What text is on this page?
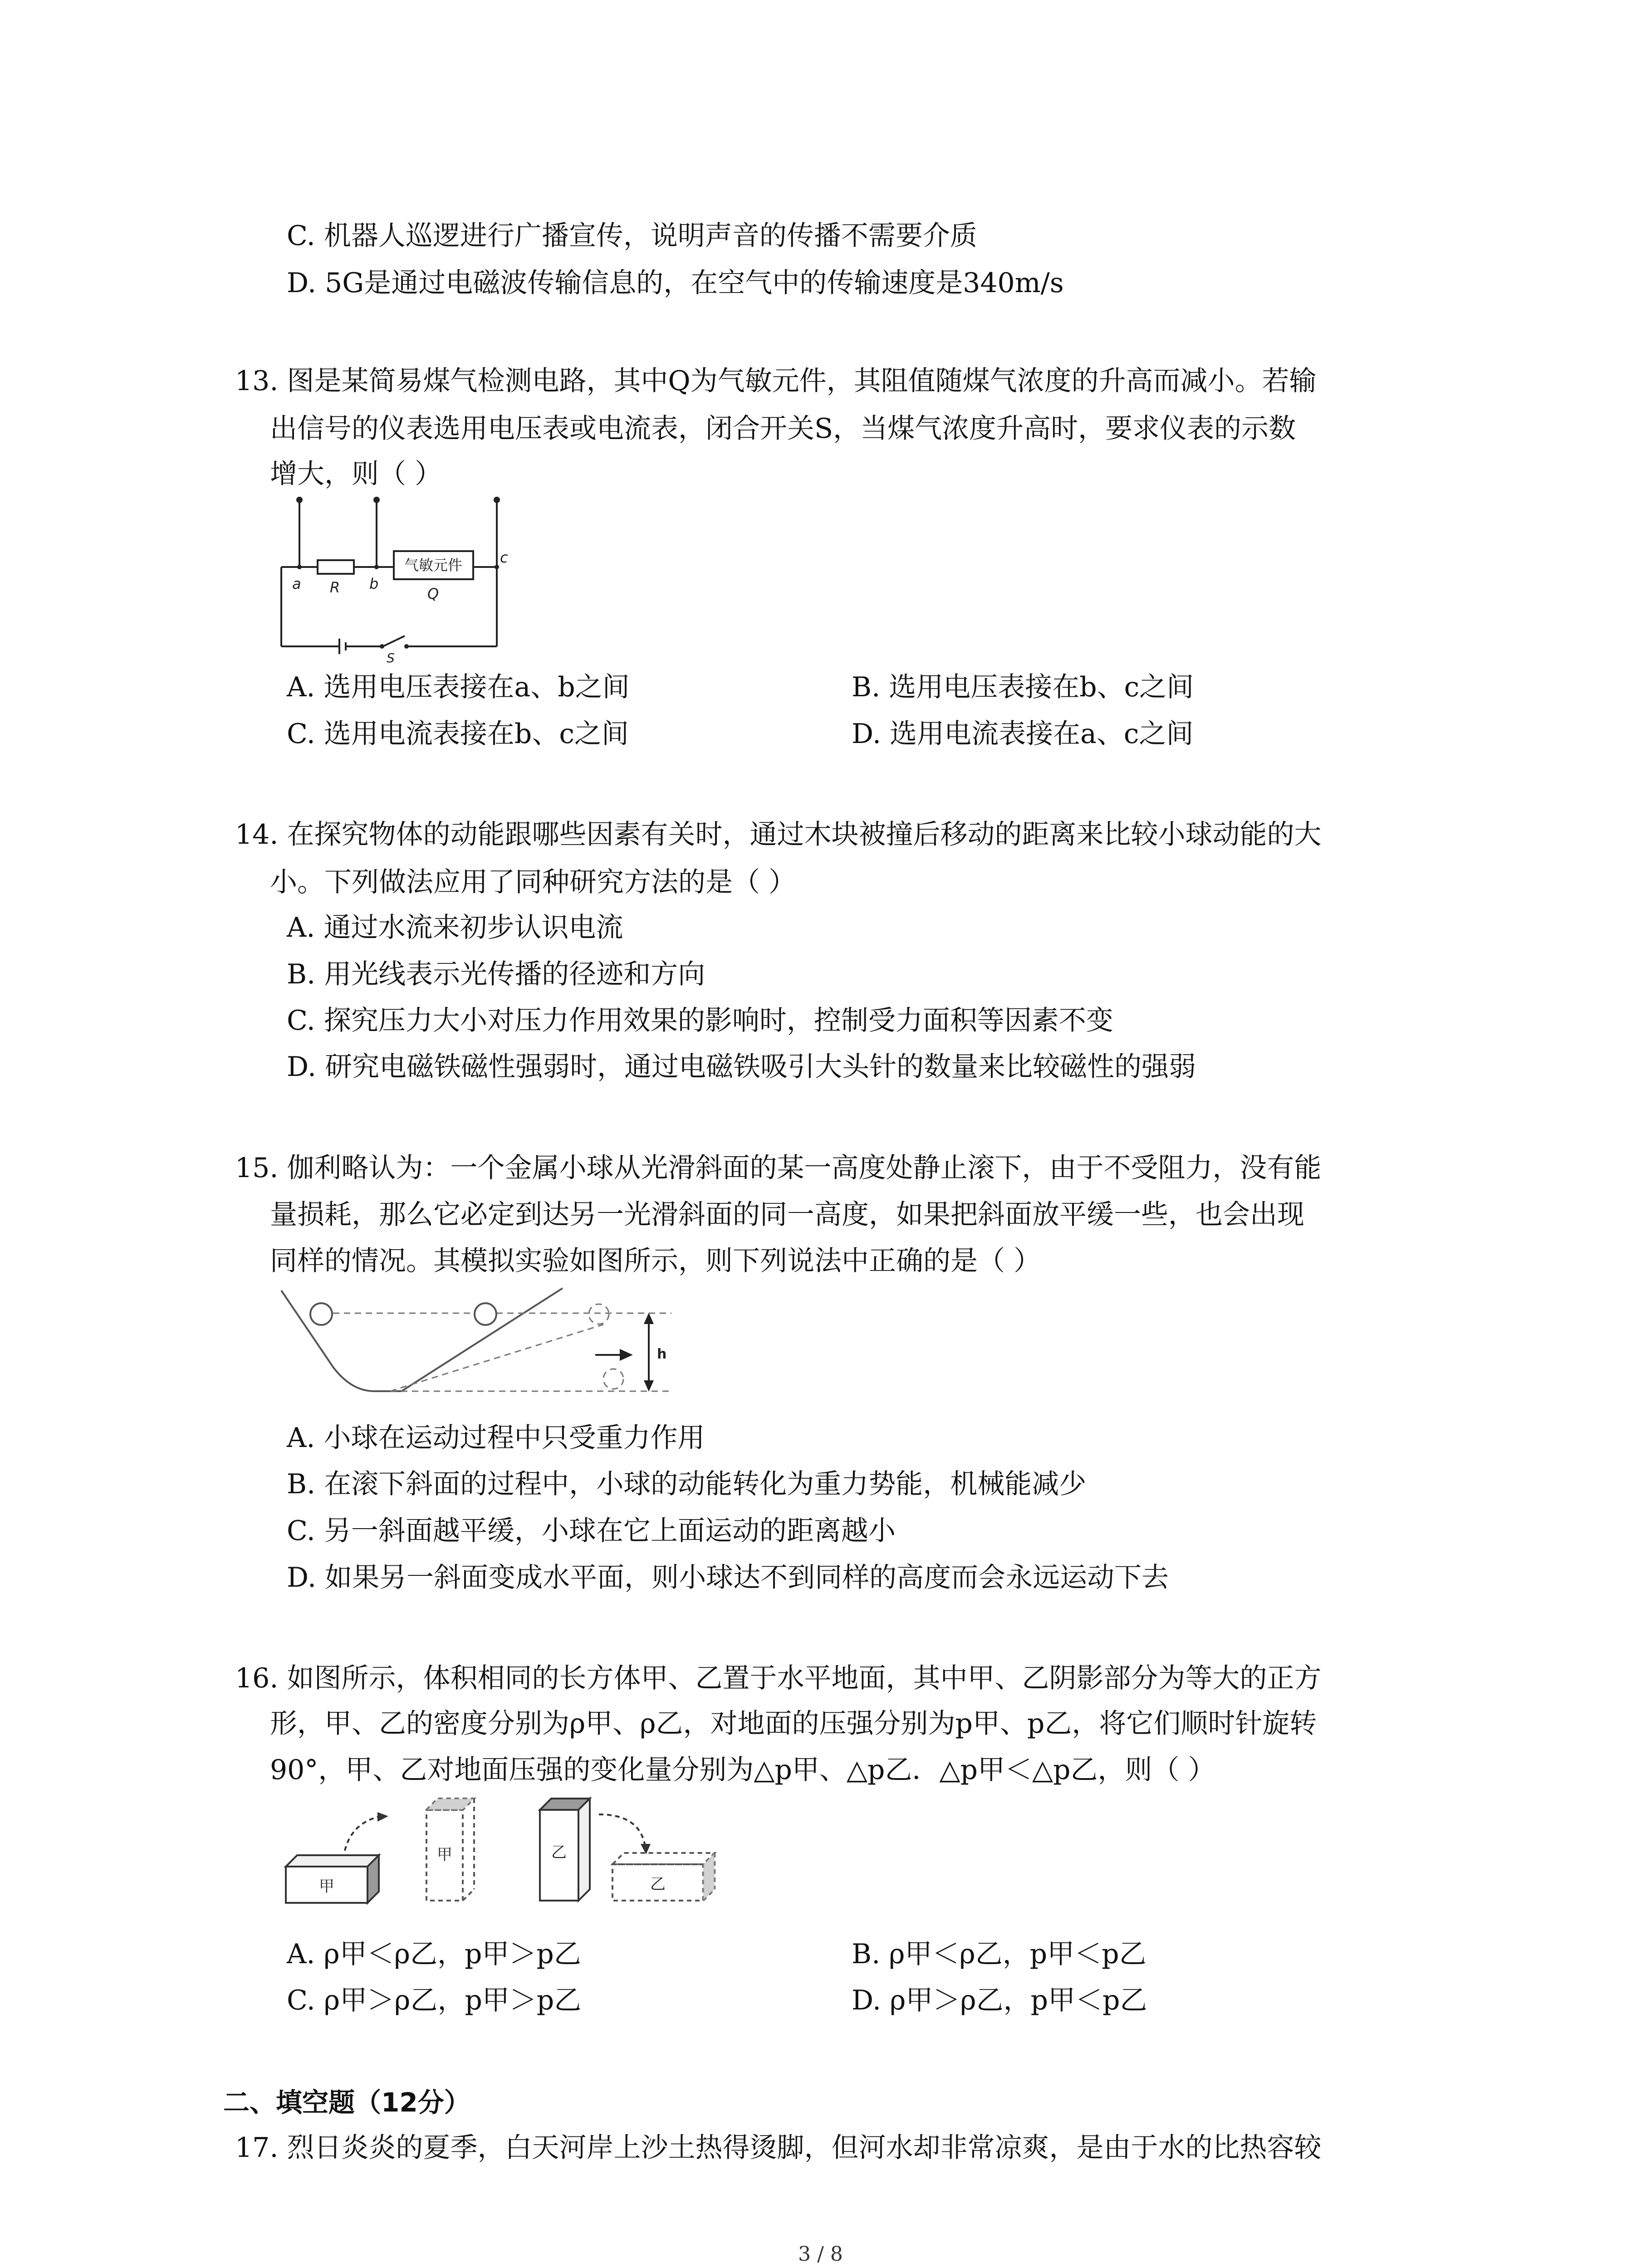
C. 机器人巡逻进行广播宣传，说明声音的传播不需要介质
D. 5G是通过电磁波传输信息的，在空气中的传输速度是340m/s
13. 图是某简易煤气检测电路，其中Q为气敏元件，其阻值随煤气浓度的升高而减小。若输
出信号的仪表选用电压表或电流表，闭合开关S，当煤气浓度升高时，要求仪表的示数
增大，则（ ）
a R b
c
Q
S
气敏元件
A. 选用电压表接在a、b之间	B. 选用电压表接在b、c之间
C. 选用电流表接在b、c之间	D. 选用电流表接在a、c之间
14. 在探究物体的动能跟哪些因素有关时，通过木块被撞后移动的距离来比较小球动能的大
小。下列做法应用了同种研究方法的是（ ）
A. 通过水流来初步认识电流
B. 用光线表示光传播的径迹和方向
C. 探究压力大小对压力作用效果的影响时，控制受力面积等因素不变
D. 研究电磁铁磁性强弱时，通过电磁铁吸引大头针的数量来比较磁性的强弱
15. 伽利略认为：一个金属小球从光滑斜面的某一高度处静止滚下，由于不受阻力，没有能
量损耗，那么它必定到达另一光滑斜面的同一高度，如果把斜面放平缓一些，也会出现
同样的情况。其模拟实验如图所示，则下列说法中正确的是（ ）
h
A. 小球在运动过程中只受重力作用
B. 在滚下斜面的过程中，小球的动能转化为重力势能，机械能减少
C. 另一斜面越平缓，小球在它上面运动的距离越小
D. 如果另一斜面变成水平面，则小球达不到同样的高度而会永远运动下去
16. 如图所示，体积相同的长方体甲、乙置于水平地面，其中甲、乙阴影部分为等大的正方
形，甲、乙的密度分别为ρ甲、ρ乙，对地面的压强分别为p甲、p乙，将它们顺时针旋转
90°，甲、乙对地面压强的变化量分别为△p甲、△p乙．△p甲＜△p乙，则（ ）
甲
甲	乙
乙
A. ρ甲＜ρ乙，p甲＞p乙	B. ρ甲＜ρ乙，p甲＜p乙
C. ρ甲＞ρ乙，p甲＞p乙	D. ρ甲＞ρ乙，p甲＜p乙
二、填空题（12分）
17. 烈日炎炎的夏季，白天河岸上沙土热得烫脚，但河水却非常凉爽，是由于水的比热容较
3 / 8
